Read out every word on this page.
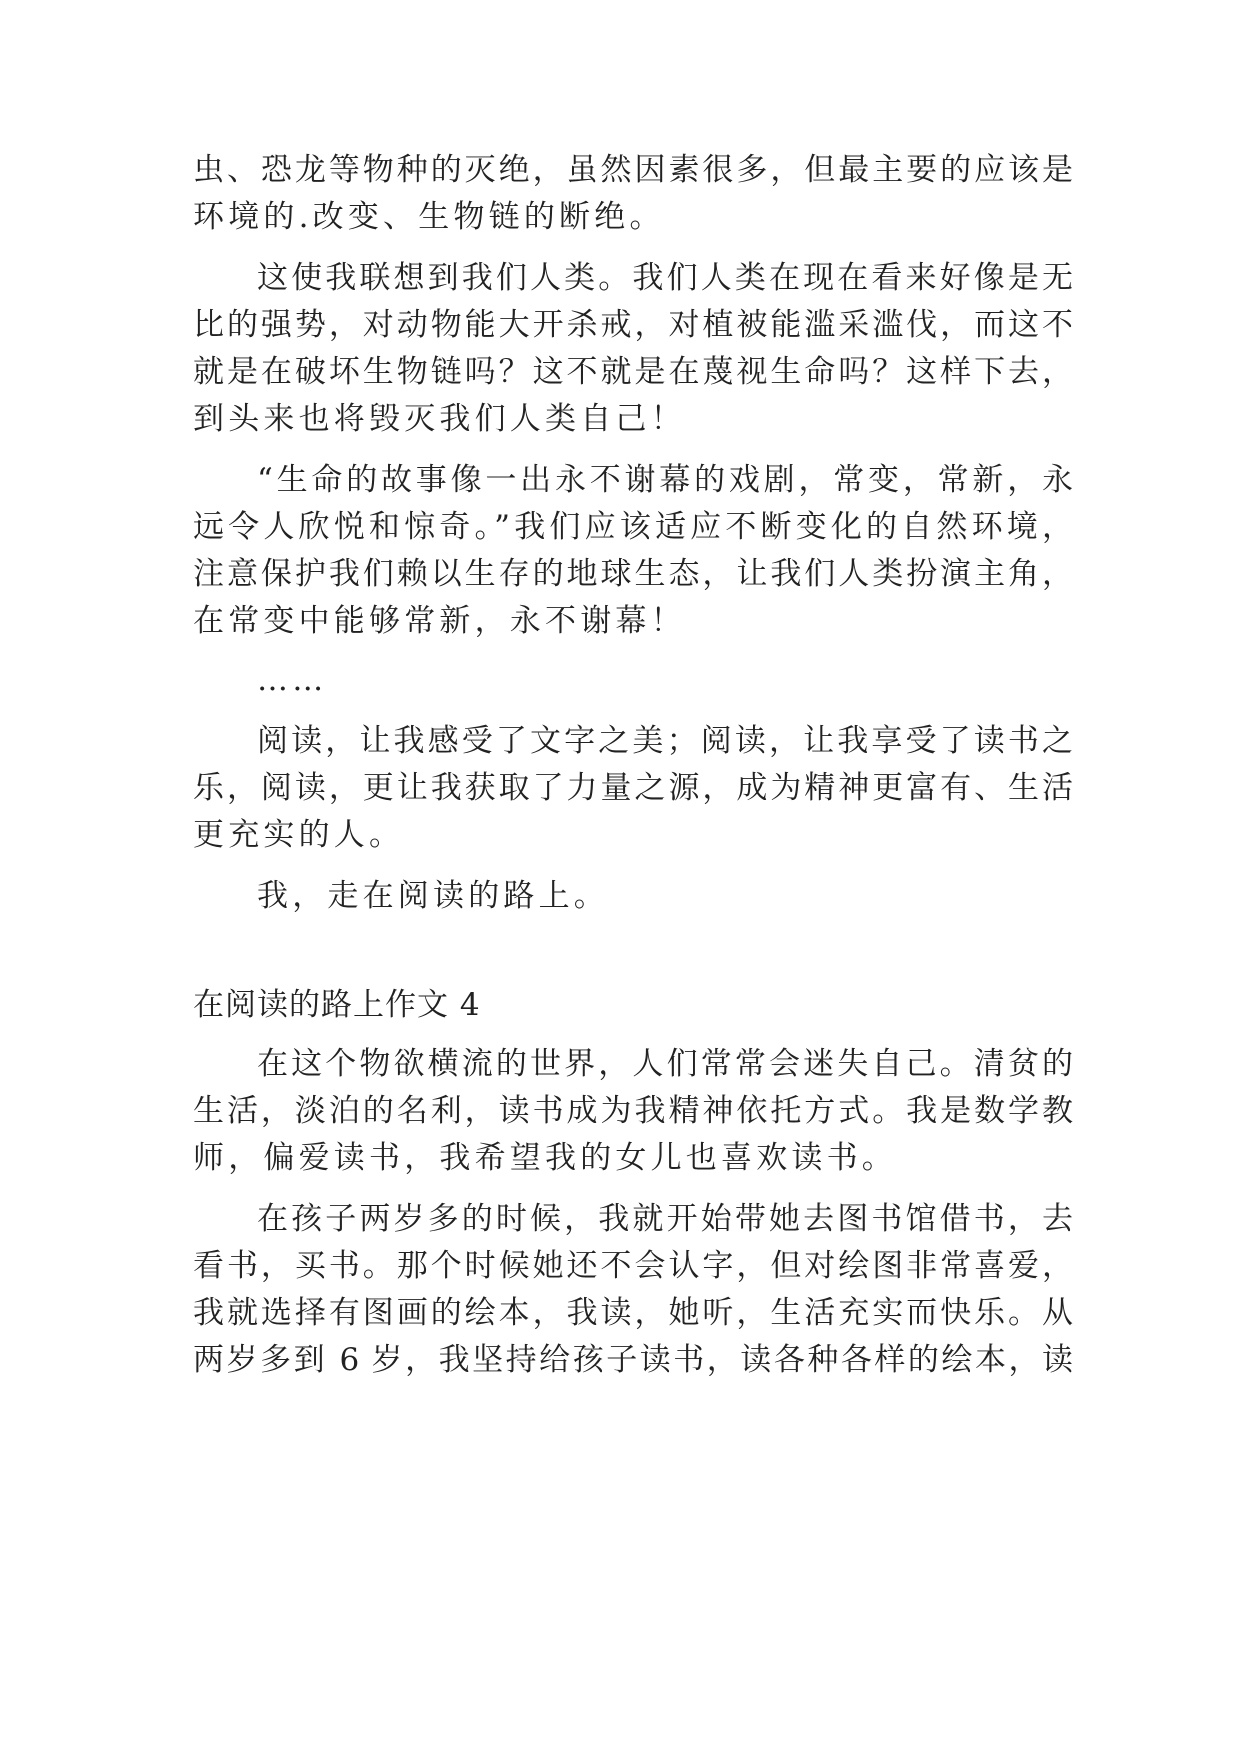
虫、恐龙等物种的灭绝，虽然因素很多，但最主要的应该是
环境的.改变、生物链的断绝。
这使我联想到我们人类。我们人类在现在看来好像是无
比的强势，对动物能大开杀戒，对植被能滥采滥伐，而这不
就是在破坏生物链吗？这不就是在蔑视生命吗？这样下去，
到头来也将毁灭我们人类自己！
“生命的故事像一出永不谢幕的戏剧，常变，常新，永
远令人欣悦和惊奇。”我们应该适应不断变化的自然环境，
注意保护我们赖以生存的地球生态，让我们人类扮演主角，
在常变中能够常新，永不谢幕！
……
阅读，让我感受了文字之美；阅读，让我享受了读书之
乐，阅读，更让我获取了力量之源，成为精神更富有、生活
更充实的人。
我，走在阅读的路上。
在阅读的路上作文 4
在这个物欲横流的世界，人们常常会迷失自己。清贫的
生活，淡泊的名利，读书成为我精神依托方式。我是数学教
师，偏爱读书，我希望我的女儿也喜欢读书。
在孩子两岁多的时候，我就开始带她去图书馆借书，去
看书，买书。那个时候她还不会认字，但对绘图非常喜爱，
我就选择有图画的绘本，我读，她听，生活充实而快乐。从
两岁多到 6 岁，我坚持给孩子读书，读各种各样的绘本，读
